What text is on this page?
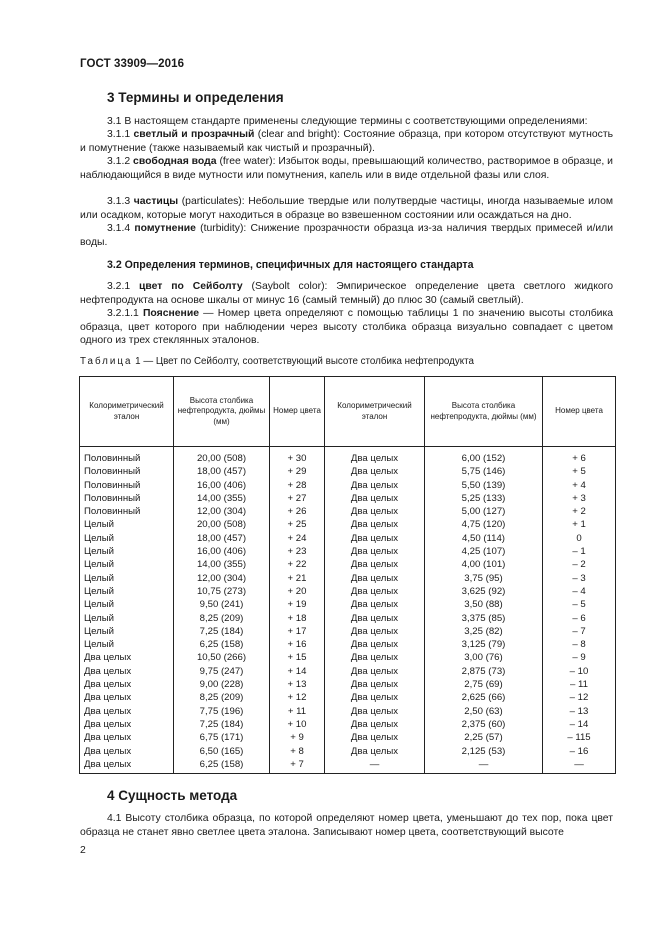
ГОСТ 33909—2016
3 Термины и определения

3.1 В настоящем стандарте применены следующие термины с соответствующими определениями:

3.1.1 светлый и прозрачный (clear and bright): Состояние образца, при котором отсутствуют мутность и помутнение (также называемый как чистый и прозрачный).

3.1.2 свободная вода (free water): Избыток воды, превышающий количество, растворимое в образце, и наблюдающийся в виде мутности или помутнения, капель или в виде отдельной фазы или слоя.

3.1.3 частицы (particulates): Небольшие твердые или полутвердые частицы, иногда называемые илом или осадком, которые могут находиться в образце во взвешенном состоянии или осаждаться на дно.

3.1.4 помутнение (turbidity): Снижение прозрачности образца из-за наличия твердых примесей и/или воды.

3.2 Определения терминов, специфичных для настоящего стандарта

3.2.1 цвет по Сейболту (Saybolt color): Эмпирическое определение цвета светлого жидкого нефтепродукта на основе шкалы от минус 16 (самый темный) до плюс 30 (самый светлый).

3.2.1.1 Пояснение — Номер цвета определяют с помощью таблицы 1 по значению высоты столбика образца, цвет которого при наблюдении через высоту столбика образца визуально совпадает с цветом одного из трех стеклянных эталонов.

Таблица 1 — Цвет по Сейболту, соответствующий высоте столбика нефтепродукта
Колориметрический эталон	Высота столбика нефтепродукта, дюймы (мм)	Номер цвета	Колориметрический эталон	Высота столбика нефтепродукта, дюймы (мм)	Номер цвета
Половинный	20,00 (508)	+ 30	Два целых	6,00 (152)	+ 6
Половинный	18,00 (457)	+ 29	Два целых	5,75 (146)	+ 5
Половинный	16,00 (406)	+ 28	Два целых	5,50 (139)	+ 4
Половинный	14,00 (355)	+ 27	Два целых	5,25 (133)	+ 3
Половинный	12,00 (304)	+ 26	Два целых	5,00 (127)	+ 2
Целый	20,00 (508)	+ 25	Два целых	4,75 (120)	+ 1
Целый	18,00 (457)	+ 24	Два целых	4,50 (114)	0
Целый	16,00 (406)	+ 23	Два целых	4,25 (107)	– 1
Целый	14,00 (355)	+ 22	Два целых	4,00 (101)	– 2
Целый	12,00 (304)	+ 21	Два целых	3,75 (95)	– 3
Целый	10,75 (273)	+ 20	Два целых	3,625 (92)	– 4
Целый	9,50 (241)	+ 19	Два целых	3,50 (88)	– 5
Целый	8,25 (209)	+ 18	Два целых	3,375 (85)	– 6
Целый	7,25 (184)	+ 17	Два целых	3,25 (82)	– 7
Целый	6,25 (158)	+ 16	Два целых	3,125 (79)	– 8
Два целых	10,50 (266)	+ 15	Два целых	3,00 (76)	– 9
Два целых	9,75 (247)	+ 14	Два целых	2,875 (73)	– 10
Два целых	9,00 (228)	+ 13	Два целых	2,75 (69)	– 11
Два целых	8,25 (209)	+ 12	Два целых	2,625 (66)	– 12
Два целых	7,75 (196)	+ 11	Два целых	2,50 (63)	– 13
Два целых	7,25 (184)	+ 10	Два целых	2,375 (60)	– 14
Два целых	6,75 (171)	+ 9	Два целых	2,25 (57)	– 115
Два целых	6,50 (165)	+ 8	Два целых	2,125 (53)	– 16
Два целых	6,25 (158)	+ 7	—	—	—
4 Сущность метода

4.1 Высоту столбика образца, по которой определяют номер цвета, уменьшают до тех пор, пока цвет образца не станет явно светлее цвета эталона. Записывают номер цвета, соответствующий высоте

2
